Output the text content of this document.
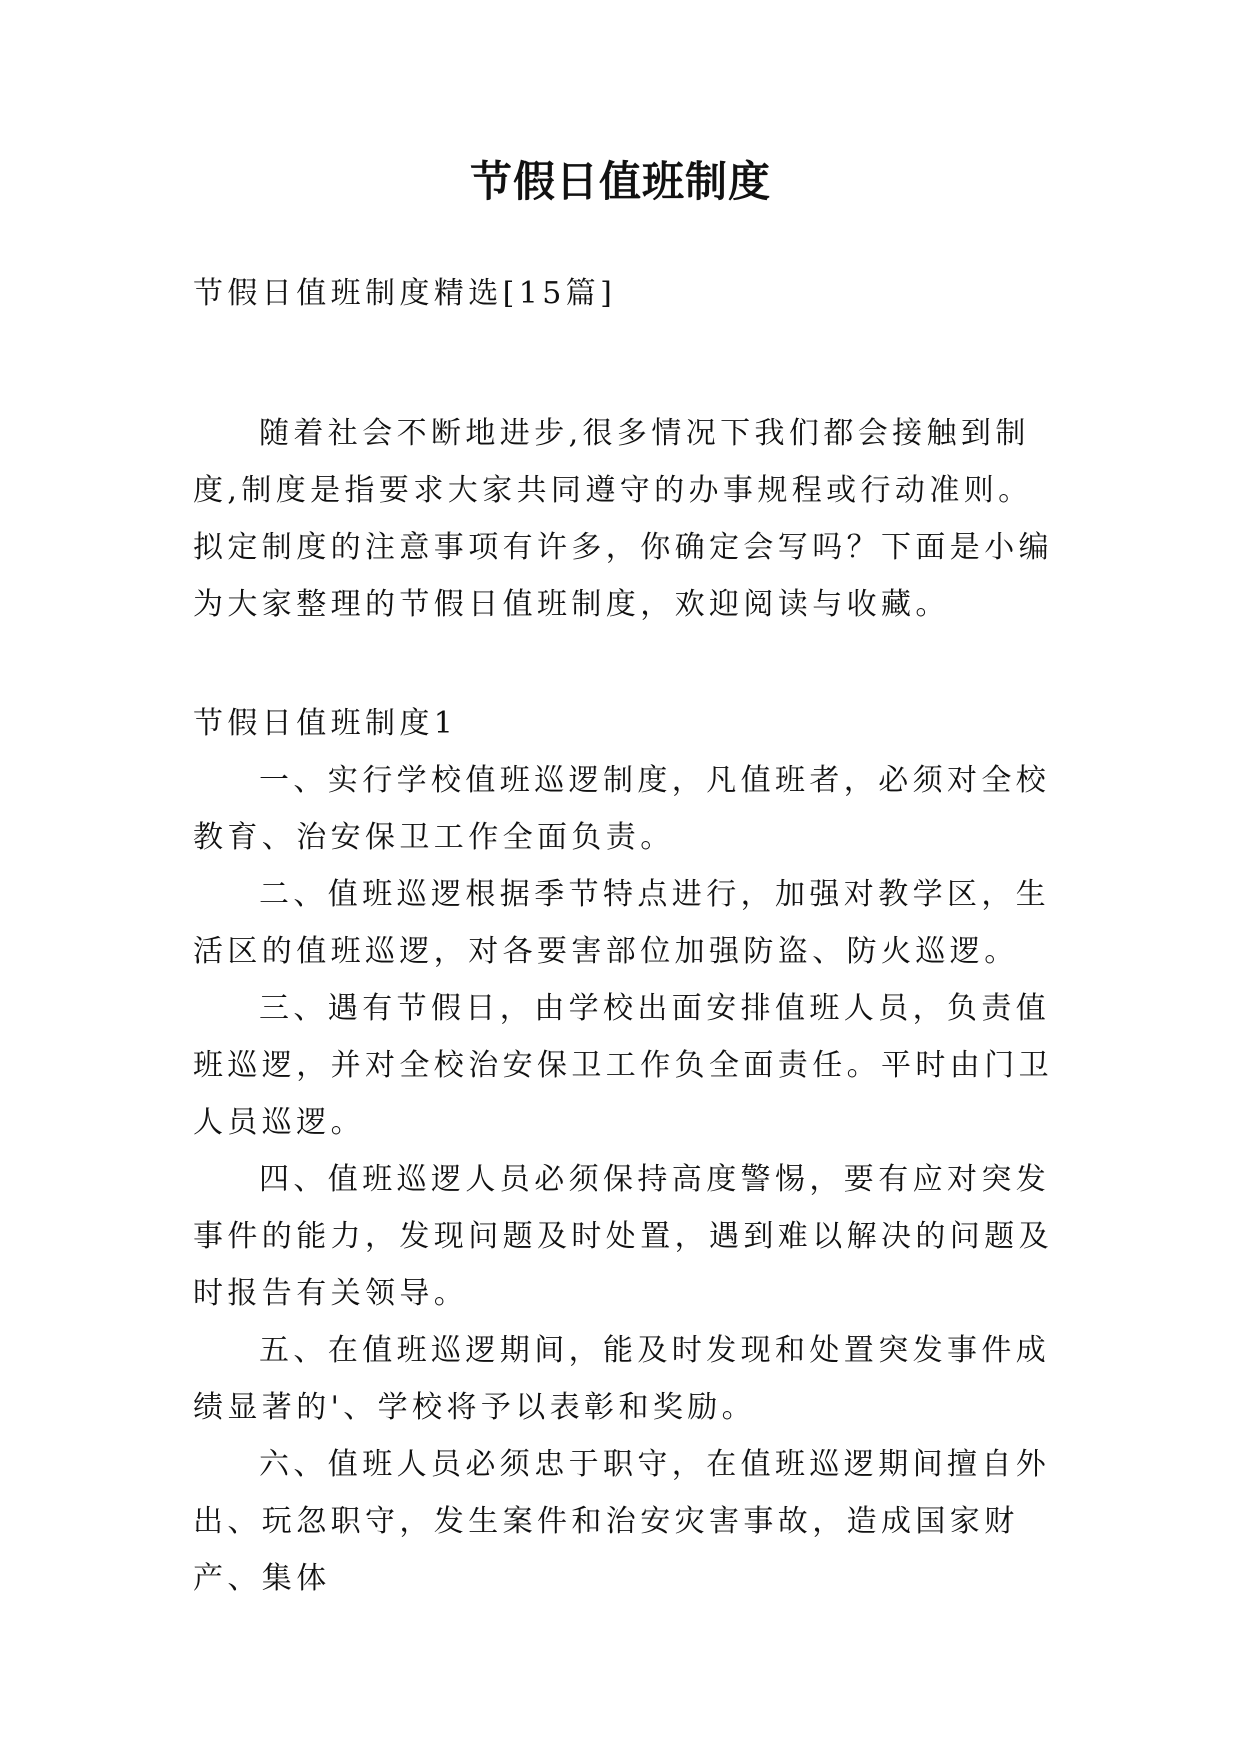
节假日值班制度

节假日值班制度精选[15篇]

随着社会不断地进步,很多情况下我们都会接触到制度,制度是指要求大家共同遵守的办事规程或行动准则。拟定制度的注意事项有许多，你确定会写吗？下面是小编为大家整理的节假日值班制度，欢迎阅读与收藏。

节假日值班制度1

一、实行学校值班巡逻制度，凡值班者，必须对全校教育、治安保卫工作全面负责。

二、值班巡逻根据季节特点进行，加强对教学区，生活区的值班巡逻，对各要害部位加强防盗、防火巡逻。

三、遇有节假日，由学校出面安排值班人员，负责值班巡逻，并对全校治安保卫工作负全面责任。平时由门卫人员巡逻。

四、值班巡逻人员必须保持高度警惕，要有应对突发事件的能力，发现问题及时处置，遇到难以解决的问题及时报告有关领导。

五、在值班巡逻期间，能及时发现和处置突发事件成绩显著的'、学校将予以表彰和奖励。

六、值班人员必须忠于职守，在值班巡逻期间擅自外出、玩忽职守，发生案件和治安灾害事故，造成国家财产、集体
